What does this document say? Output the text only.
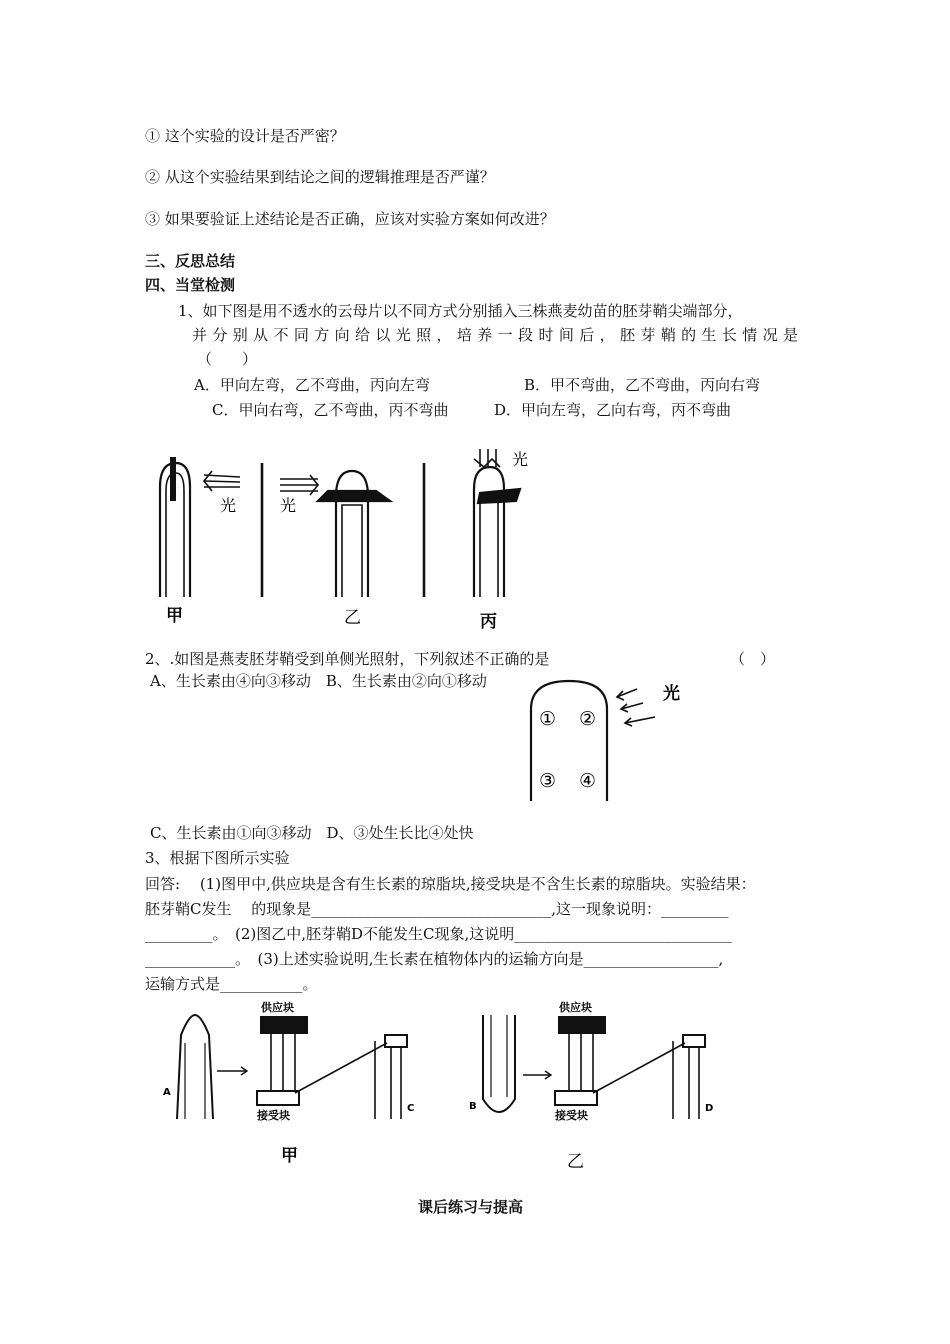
① 这个实验的设计是否严密？
② 从这个实验结果到结论之间的逻辑推理是否严谨？
③ 如果要验证上述结论是否正确，应该对实验方案如何改进？
三、反思总结
四、当堂检测
1、如下图是用不透水的云母片以不同方式分别插入三株燕麦幼苗的胚芽鞘尖端部分，
并分别从不同方向给以光照，培养一段时间后，胚芽鞘的生长情况是
（　　）
A．甲向左弯，乙不弯曲，丙向左弯	B．甲不弯曲，乙不弯曲，丙向右弯
C．甲向右弯，乙不弯曲，丙不弯曲	D．甲向左弯，乙向右弯，丙不弯曲
光	光
光
甲	乙	丙
2、.如图是燕麦胚芽鞘受到单侧光照射，下列叙述不正确的是	（　）
A、生长素由④向③移动　B、生长素由②向①移动
光
① ②
③ ④
C、生长素由①向③移动　D、③处生长比④处快
3、根据下图所示实验
回答:　 (1)图甲中,供应块是含有生长素的琼脂块,接受块是不含生长素的琼脂块。实验结果：
胚芽鞘C发生　 的现象是________________________________,这一现象说明：_________
_________。　(2)图乙中,胚芽鞘D不能发生C现象,这说明_____________________________
____________。　(3)上述实验说明,生长素在植物体内的运输方向是__________________,
运输方式是___________。
供应块
接受块
供应块
接受块
A
C	B	D
甲	乙
课后练习与提高
